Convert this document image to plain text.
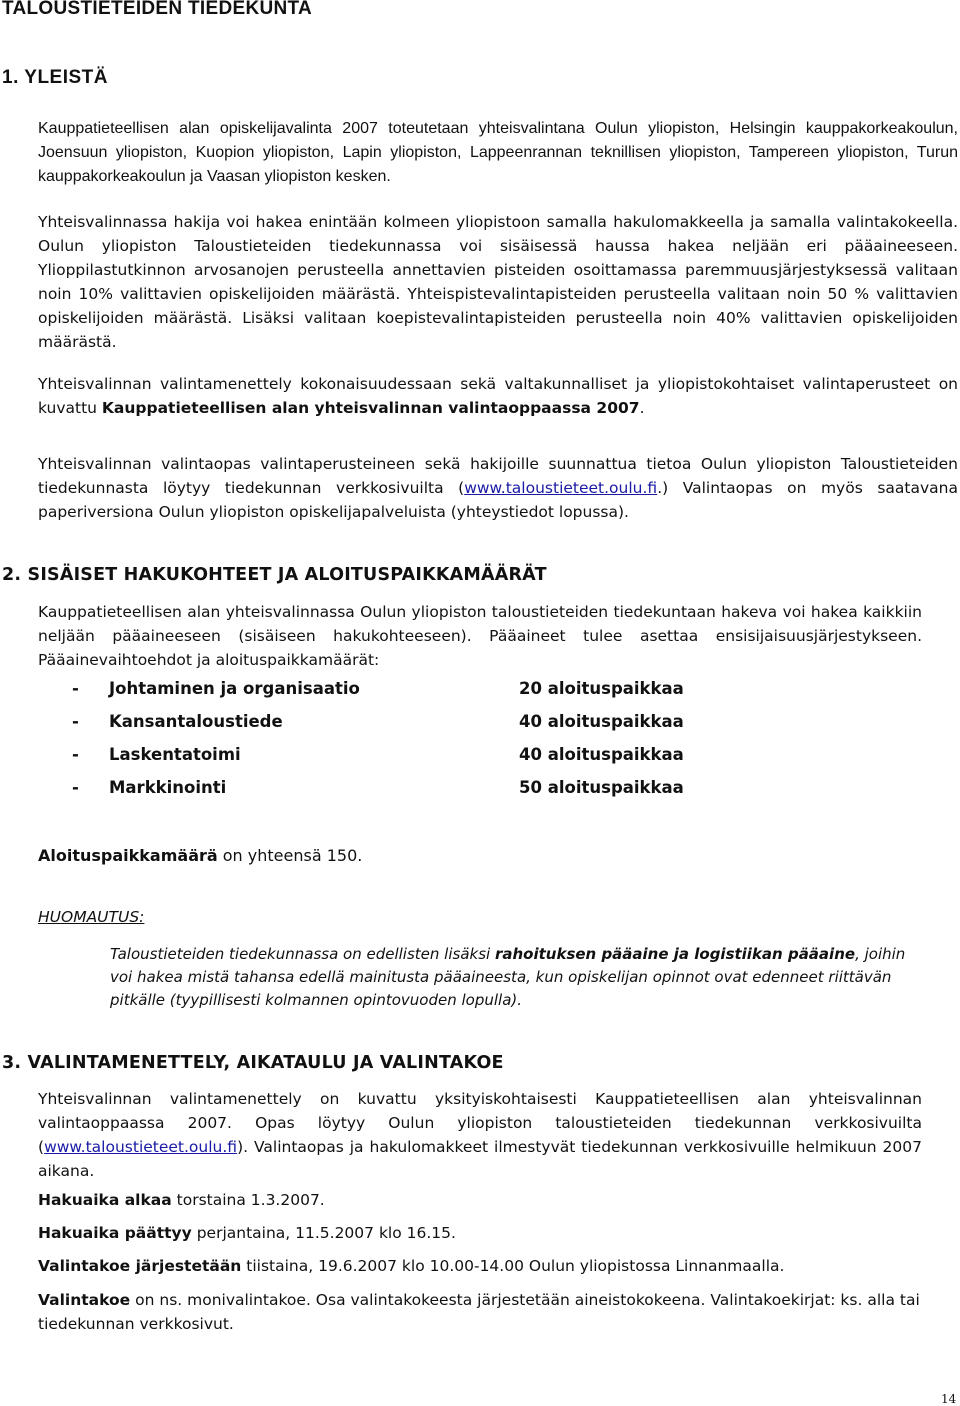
TALOUSTIETEIDEN TIEDEKUNTA
1. YLEISTÄ
Kauppatieteellisen alan opiskelijavalinta 2007 toteutetaan yhteisvalintana Oulun yliopiston, Helsingin kauppakorkeakoulun, Joensuun yliopiston, Kuopion yliopiston, Lapin yliopiston, Lappeenrannan teknillisen yliopiston, Tampereen yliopiston, Turun kauppakorkeakoulun ja Vaasan yliopiston kesken.
Yhteisvalinnassa hakija voi hakea enintään kolmeen yliopistoon samalla hakulomakkeella ja samalla valintakokeella. Oulun yliopiston Taloustieteiden tiedekunnassa voi sisäisessä haussa hakea neljään eri pääaineeseen. Ylioppilastutkinnon arvosanojen perusteella annettavien pisteiden osoittamassa paremmuusjärjestyksessä valitaan noin 10% valittavien opiskelijoiden määrästä. Yhteispistevalintapisteiden perusteella valitaan noin 50 % valittavien opiskelijoiden määrästä. Lisäksi valitaan koepistevalintapisteiden perusteella noin 40% valittavien opiskelijoiden määrästä.
Yhteisvalinnan valintamenettely kokonaisuudessaan sekä valtakunnalliset ja yliopistokohtaiset valintaperusteet on kuvattu Kauppatieteellisen alan yhteisvalinnan valintaoppaassa 2007.
Yhteisvalinnan valintaopas valintaperusteineen sekä hakijoille suunnattua tietoa Oulun yliopiston Taloustieteiden tiedekunnasta löytyy tiedekunnan verkkosivuilta (www.taloustieteet.oulu.fi.) Valintaopas on myös saatavana paperiversiona Oulun yliopiston opiskelijapalveluista (yhteystiedot lopussa).
2. SISÄISET HAKUKOHTEET JA ALOITUSPAIKKAMÄÄRÄT
Kauppatieteellisen alan yhteisvalinnassa Oulun yliopiston taloustieteiden tiedekuntaan hakeva voi hakea kaikkiin neljään pääaineeseen (sisäiseen hakukohteeseen). Pääaineet tulee asettaa ensisijaisuusjärjestykseen. Pääainevaihtoehdot ja aloituspaikkamäärät:
- Johtaminen ja organisaatio	20 aloituspaikkaa
- Kansantaloustiede	40 aloituspaikkaa
- Laskentatoimi	40 aloituspaikkaa
- Markkinointi	50 aloituspaikkaa
Aloituspaikkamäärä on yhteensä 150.
HUOMAUTUS:
Taloustieteiden tiedekunnassa on edellisten lisäksi rahoituksen pääaine ja logistiikan pääaine, joihin voi hakea mistä tahansa edellä mainitusta pääaineesta, kun opiskelijan opinnot ovat edenneet riittävän pitkälle (tyypillisesti kolmannen opintovuoden lopulla).
3. VALINTAMENETTELY, AIKATAULU JA VALINTAKOE
Yhteisvalinnan valintamenettely on kuvattu yksityiskohtaisesti Kauppatieteellisen alan yhteisvalinnan valintaoppaassa 2007. Opas löytyy Oulun yliopiston taloustieteiden tiedekunnan verkkosivuilta (www.taloustieteet.oulu.fi). Valintaopas ja hakulomakkeet ilmestyvät tiedekunnan verkkosivuille helmikuun 2007 aikana.
Hakuaika alkaa torstaina 1.3.2007.
Hakuaika päättyy perjantaina, 11.5.2007 klo 16.15.
Valintakoe järjestetään tiistaina, 19.6.2007 klo 10.00-14.00 Oulun yliopistossa Linnanmaalla.
Valintakoe on ns. monivalintakoe. Osa valintakokeesta järjestetään aineistokokeena. Valintakoekirjat: ks. alla tai tiedekunnan verkkosivut.
14
